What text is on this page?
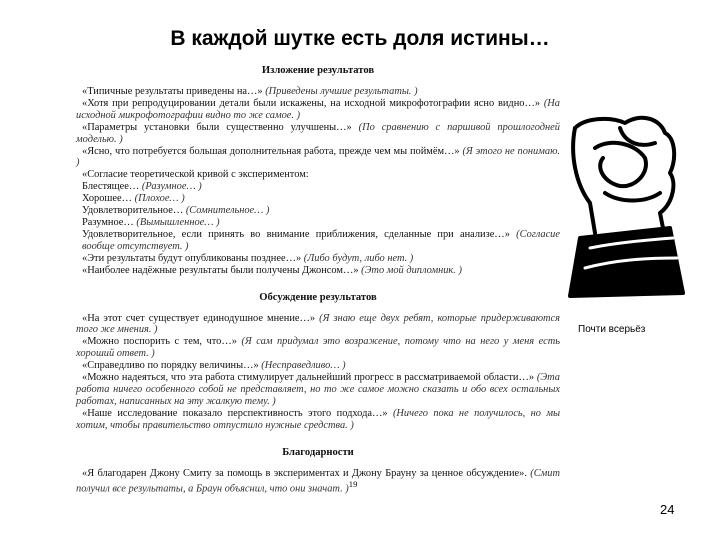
В каждой шутке есть доля истины…
Изложение результатов

«Типичные результаты приведены на…» (Приведены лучшие результаты. )

«Хотя при репродуцировании детали были искажены, на исходной микрофотографии ясно видно…» (На исходной микрофотографии видно то же самое. )

«Параметры установки были существенно улучшены…» (По сравнению с паршивой прошлогодней моделью. )

«Ясно, что потребуется большая дополнительная работа, прежде чем мы поймём…» (Я этого не понимаю. )

«Согласие теоретической кривой с экспериментом:

Блестящее… (Разумное… )

Хорошее… (Плохое… )

Удовлетворительное… (Сомнительное… )

Разумное… (Вымышленное… )

Удовлетворительное, если принять во внимание приближения, сделанные при анализе…» (Согласие вообще отсутствует. )

«Эти результаты будут опубликованы позднее…» (Либо будут, либо нет. )

«Наиболее надёжные результаты были получены Джонсом…» (Это мой дипломник. )

Обсуждение результатов

«На этот счет существует единодушное мнение…» (Я знаю еще двух ребят, которые придерживаются того же мнения. )

«Можно поспорить с тем, что…» (Я сам придумал это возражение, потому что на него у меня есть хороший ответ. )

«Справедливо по порядку величины…» (Несправедливо… )

«Можно надеяться, что эта работа стимулирует дальнейший прогресс в рассматриваемой области…» (Эта работа ничего особенного собой не представляет, но то же самое можно сказать и обо всех остальных работах, написанных на эту жалкую тему. )

«Наше исследование показало перспективность этого подхода…» (Ничего пока не получилось, но мы хотим, чтобы правительство отпустило нужные средства. )

Благодарности

«Я благодарен Джону Смиту за помощь в экспериментах и Джону Брауну за ценное обсуждение». (Смит получил все результаты, а Браун объяснил, что они значат. )$^{19}$

Почти всерьёз
24
